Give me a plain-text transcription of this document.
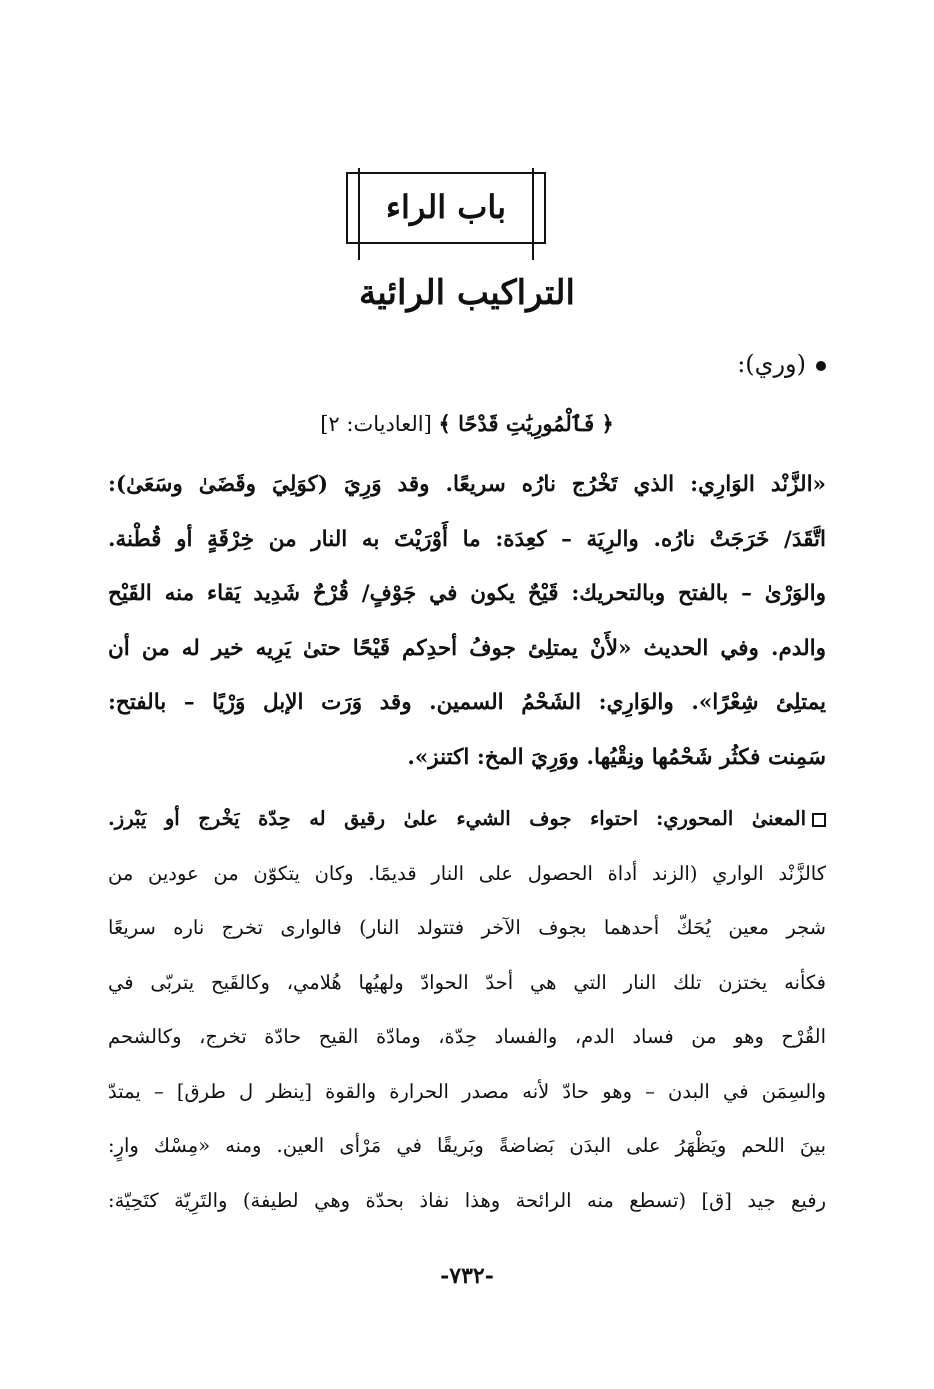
باب الراء
التراكيب الرائية
(وري):
﴿ فَٱلْمُورِيَٰتِ قَدْحًا ﴾ [العاديات: ٢]
«الزَّنْد الوَارِي: الذي تَخْرُج نارُه سريعًا. وقد وَرِيَ (كوَلِيَ وقَضَىٰ وسَعَىٰ):
اتَّقَدَ/ خَرَجَتْ نارُه. والرِيَة – كعِدَة: ما أَوْرَيْتَ به النار من خِرْقَةٍ أو قُطْنة.
والوَرْىٰ – بالفتح وبالتحريك: قَيْحٌ يكون في جَوْفٍ/ قُرْحٌ شَدِيد يَقاء منه القَيْح
والدم. وفي الحديث «لأَنْ يمتلِئ جوفُ أحدِكم قَيْحًا حتىٰ يَرِيه خير له من أن
يمتلِئ شِعْرًا». والوَارِي: الشَحْمُ السمين. وقد وَرَت الإبل وَرْيًا – بالفتح:
سَمِنت فكثُر شَحْمُها ونِقْيُها. ووَرِيَ المخ: اكتنز».
المعنىٰ المحوري: احتواء جوف الشيء علىٰ رقيق له حِدّة يَخْرج أو يَبْرز.
كالزَّنْد الواري (الزند أداة الحصول على النار قديمًا. وكان يتكوّن من عودين من
شجر معين يُحَكّ أحدهما بجوف الآخر فتتولد النار) فالوارى تخرج ناره سريعًا
فكأنه يختزن تلك النار التي هي أحدّ الحوادّ ولهيُها هُلامي، وكالقَيح يتربّى في
القُرْح وهو من فساد الدم، والفساد حِدّة، ومادّة القيح حادّة تخرج، وكالشحم
والسِمَن في البدن – وهو حادّ لأنه مصدر الحرارة والقوة [ينظر ل طرق] – يمتدّ
بينَ اللحم ويَظْهَرُ على البدَن بَضاضةً وبَريقًا في مَرْأى العين. ومنه «مِسْك وارٍ:
رفيع جيد [ق] (تسطع منه الرائحة وهذا نفاذ بحدّة وهي لطيفة) والتَرِيّة كتَحِيّة:
-٧٣٢-
